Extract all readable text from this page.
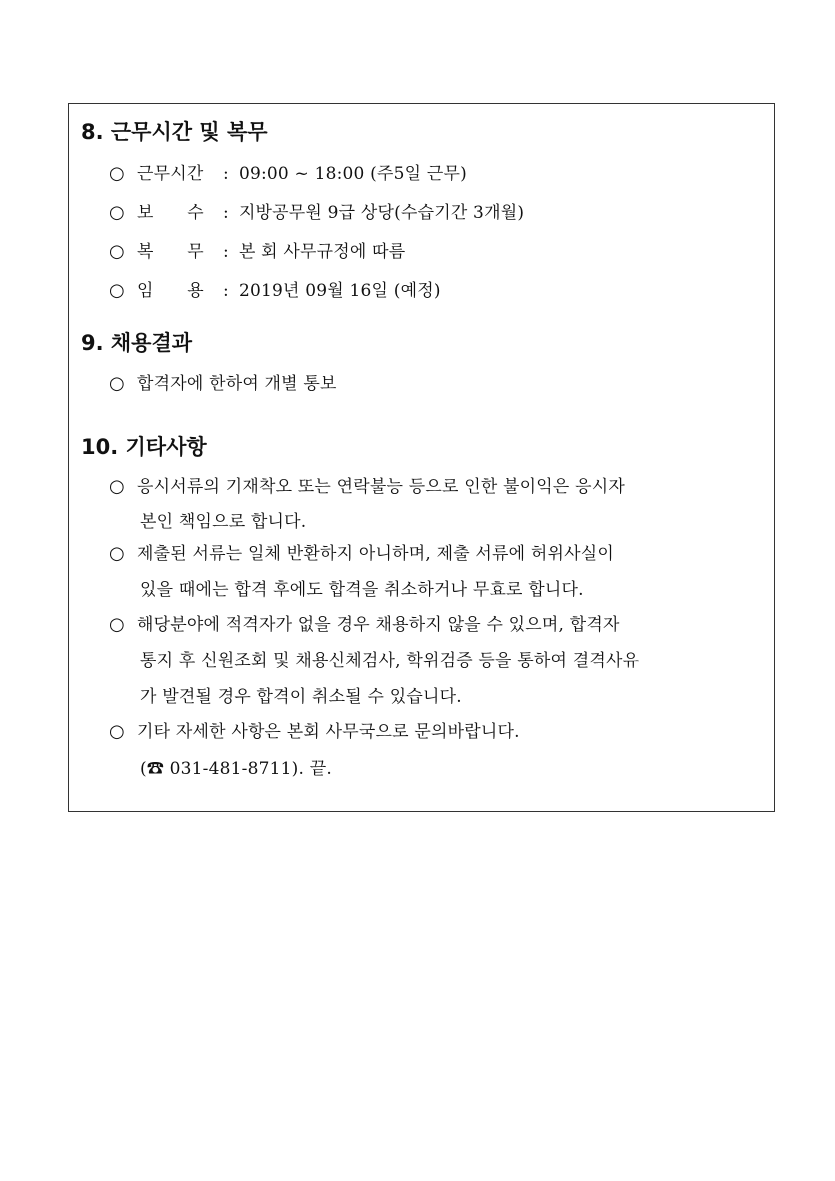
8. 근무시간 및 복무
○ 근무시간 : 09:00 ~ 18:00 (주5일 근무)
○ 보      수 : 지방공무원 9급 상당(수습기간 3개월)
○ 복      무 : 본 회 사무규정에 따름
○ 임      용 : 2019년 09월 16일 (예정)
9. 채용결과
○ 합격자에 한하여 개별 통보
10. 기타사항
○ 응시서류의 기재착오 또는 연락불능 등으로 인한 불이익은 응시자
본인 책임으로 합니다.
○ 제출된 서류는 일체 반환하지 아니하며, 제출 서류에 허위사실이
있을 때에는 합격 후에도 합격을 취소하거나 무효로 합니다.
○ 해당분야에 적격자가 없을 경우 채용하지 않을 수 있으며, 합격자
통지 후 신원조회 및 채용신체검사, 학위검증 등을 통하여 결격사유
가 발견될 경우 합격이 취소될 수 있습니다.
○ 기타 자세한 사항은 본회 사무국으로 문의바랍니다.
(☎ 031-481-8711). 끝.
